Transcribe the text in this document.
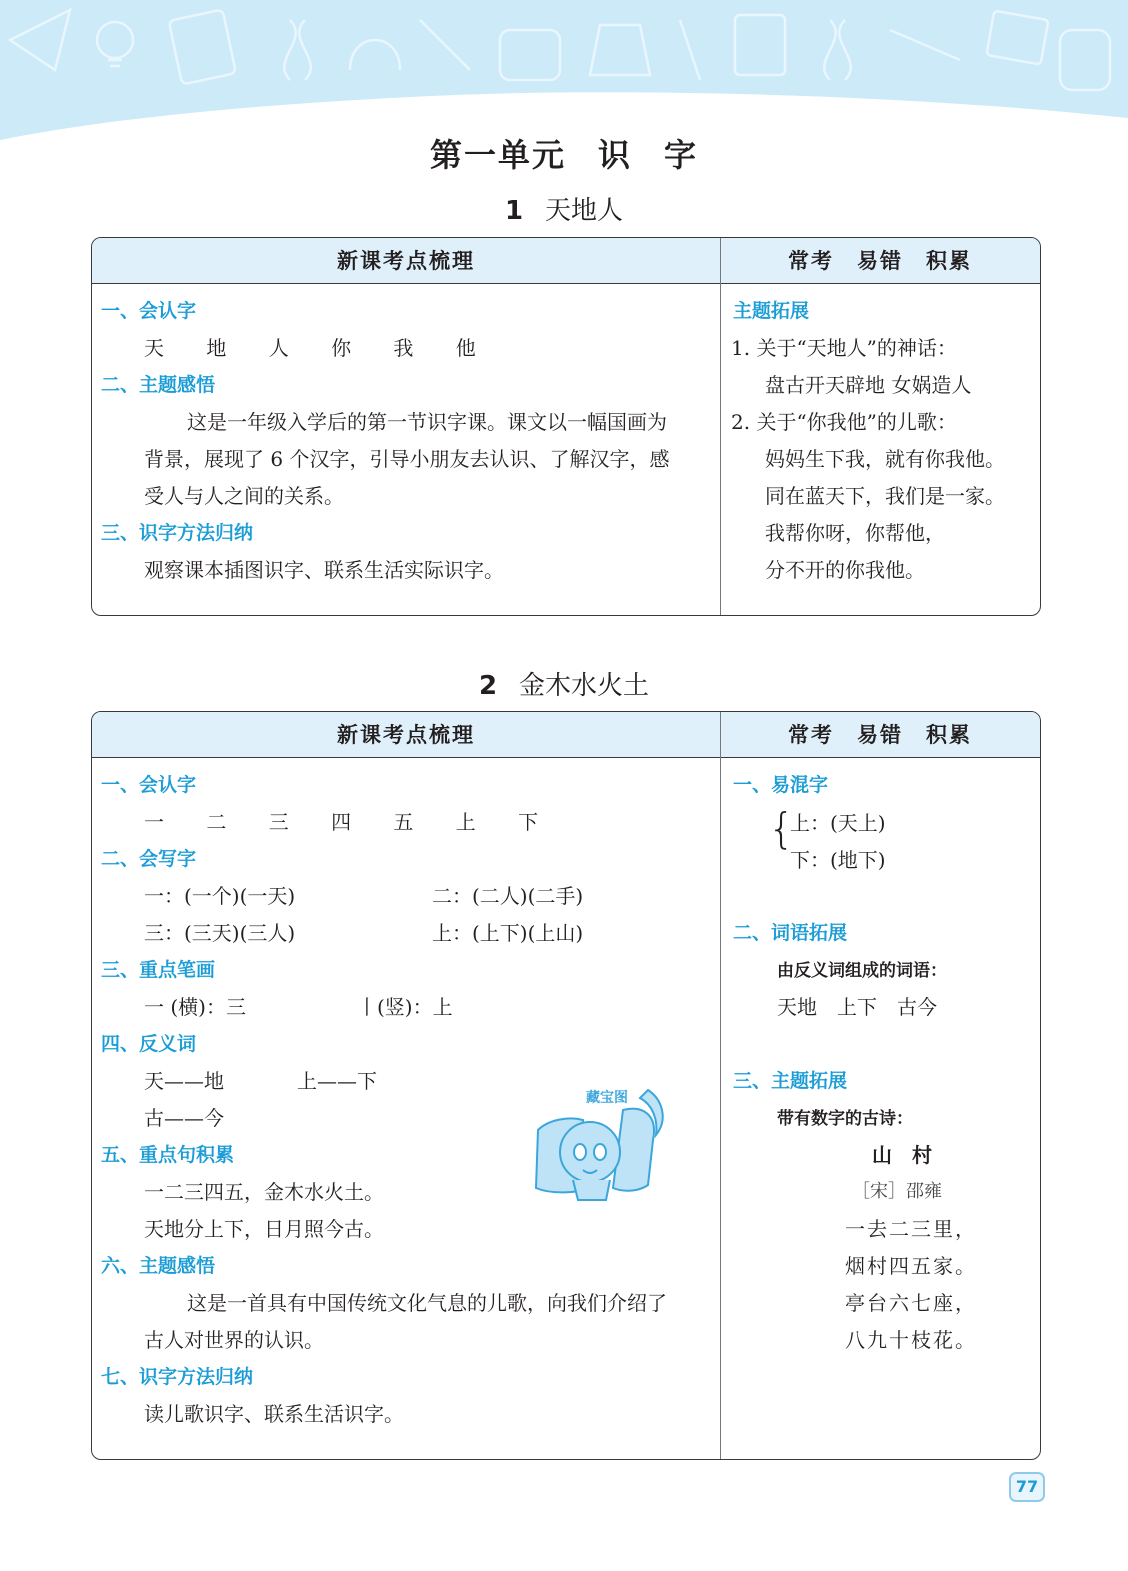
第一单元 识 字
1 天地人
新课考点梳理	常考　易错　积累
一、会认字
天 地 人 你 我 他
二、主题感悟
这是一年级入学后的第一节识字课。课文以一幅国画为
背景，展现了 6 个汉字，引导小朋友去认识、了解汉字，感
受人与人之间的关系。
三、识字方法归纳
观察课本插图识字、联系生活实际识字。
主题拓展
1. 关于“天地人”的神话：
盘古开天辟地 女娲造人
2. 关于“你我他”的儿歌：
妈妈生下我，就有你我他。
同在蓝天下，我们是一家。
我帮你呀，你帮他，
分不开的你我他。
2 金木水火土
新课考点梳理	常考　易错　积累
一、会认字
一 二 三 四 五 上 下
二、会写字
一：(一个)(一天)	二：(二人)(二手)
三：(三天)(三人)	上：(上下)(上山)
三、重点笔画
一 (横)：三	丨(竖)：上
四、反义词
天——地	上——下
古——今
五、重点句积累
一二三四五，金木水火土。
天地分上下，日月照今古。
六、主题感悟
这是一首具有中国传统文化气息的儿歌，向我们介绍了
古人对世界的认识。
七、识字方法归纳
读儿歌识字、联系生活识字。
一、易混字
{
上：(天上)
下：(地下)
二、词语拓展
由反义词组成的词语：
天地　上下　古今
三、主题拓展
带有数字的古诗：
山　村
［宋］邵雍
一去二三里，
烟村四五家。
亭台六七座，
八九十枝花。
藏宝图
77
